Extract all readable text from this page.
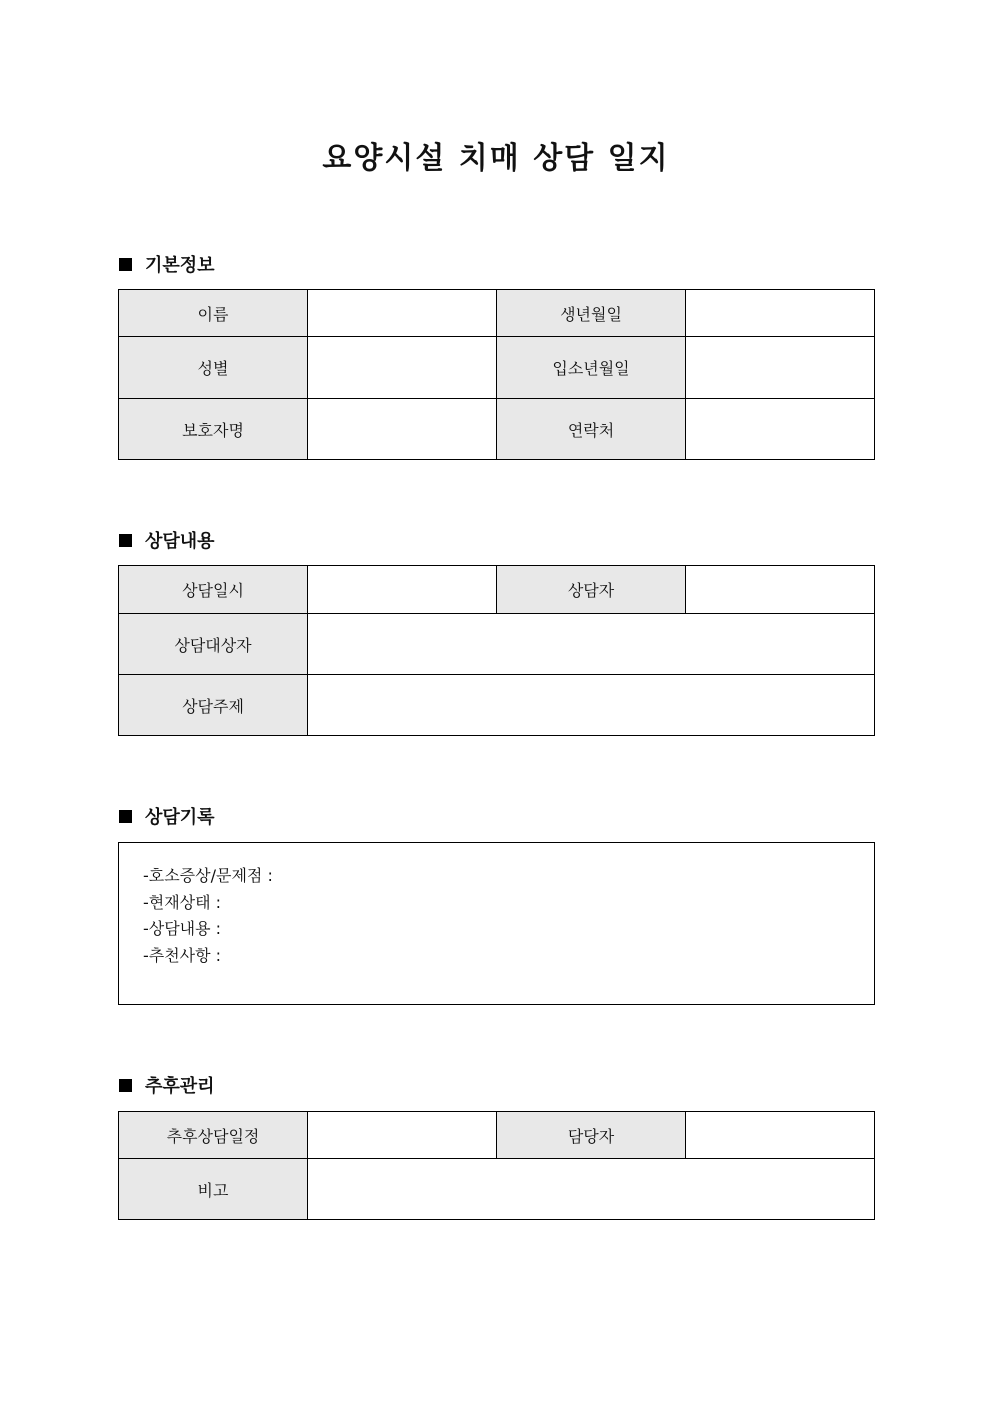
요양시설 치매 상담 일지
기본정보
이름		생년월일	
성별		입소년월일	
보호자명		연락처	
상담내용
상담일시		상담자	
상담대상자			
상담주제			
상담기록
-호소증상/문제점 :
-현재상태 :
-상담내용 :
-추천사항 :
추후관리
추후상담일정		담당자	
비고			
